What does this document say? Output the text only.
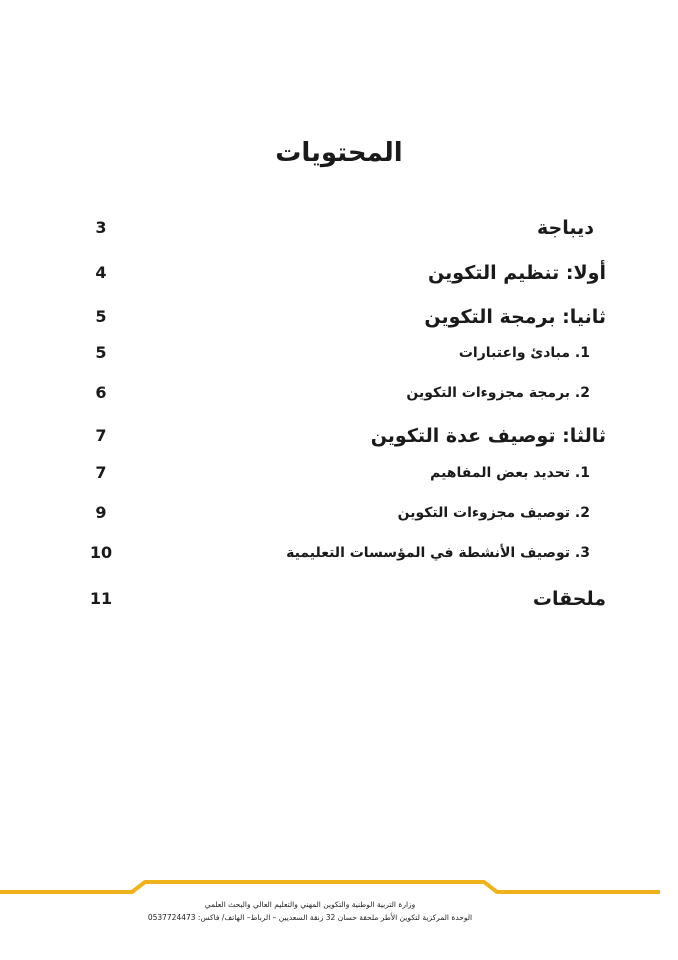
المحتويات
ديباجة
3
أولا: تنظيم التكوين
4
ثانيا: برمجة التكوين
5
1. مبادئ واعتبارات
5
2. برمجة مجزوءات التكوين
6
ثالثا: توصيف عدة التكوين
7
1. تحديد بعض المفاهيم
7
2. توصيف مجزوءات التكوين
9
3. توصيف الأنشطة في المؤسسات التعليمية
10
ملحقات
11
وزارة التربية الوطنية والتكوين المهني والتعليم العالي والبحث العلمي
الوحدة المركزية لتكوين الأطر ملحقة حسان 32 زنقة السعديين – الرباط– الهاتف/ فاكس: 0537724473
